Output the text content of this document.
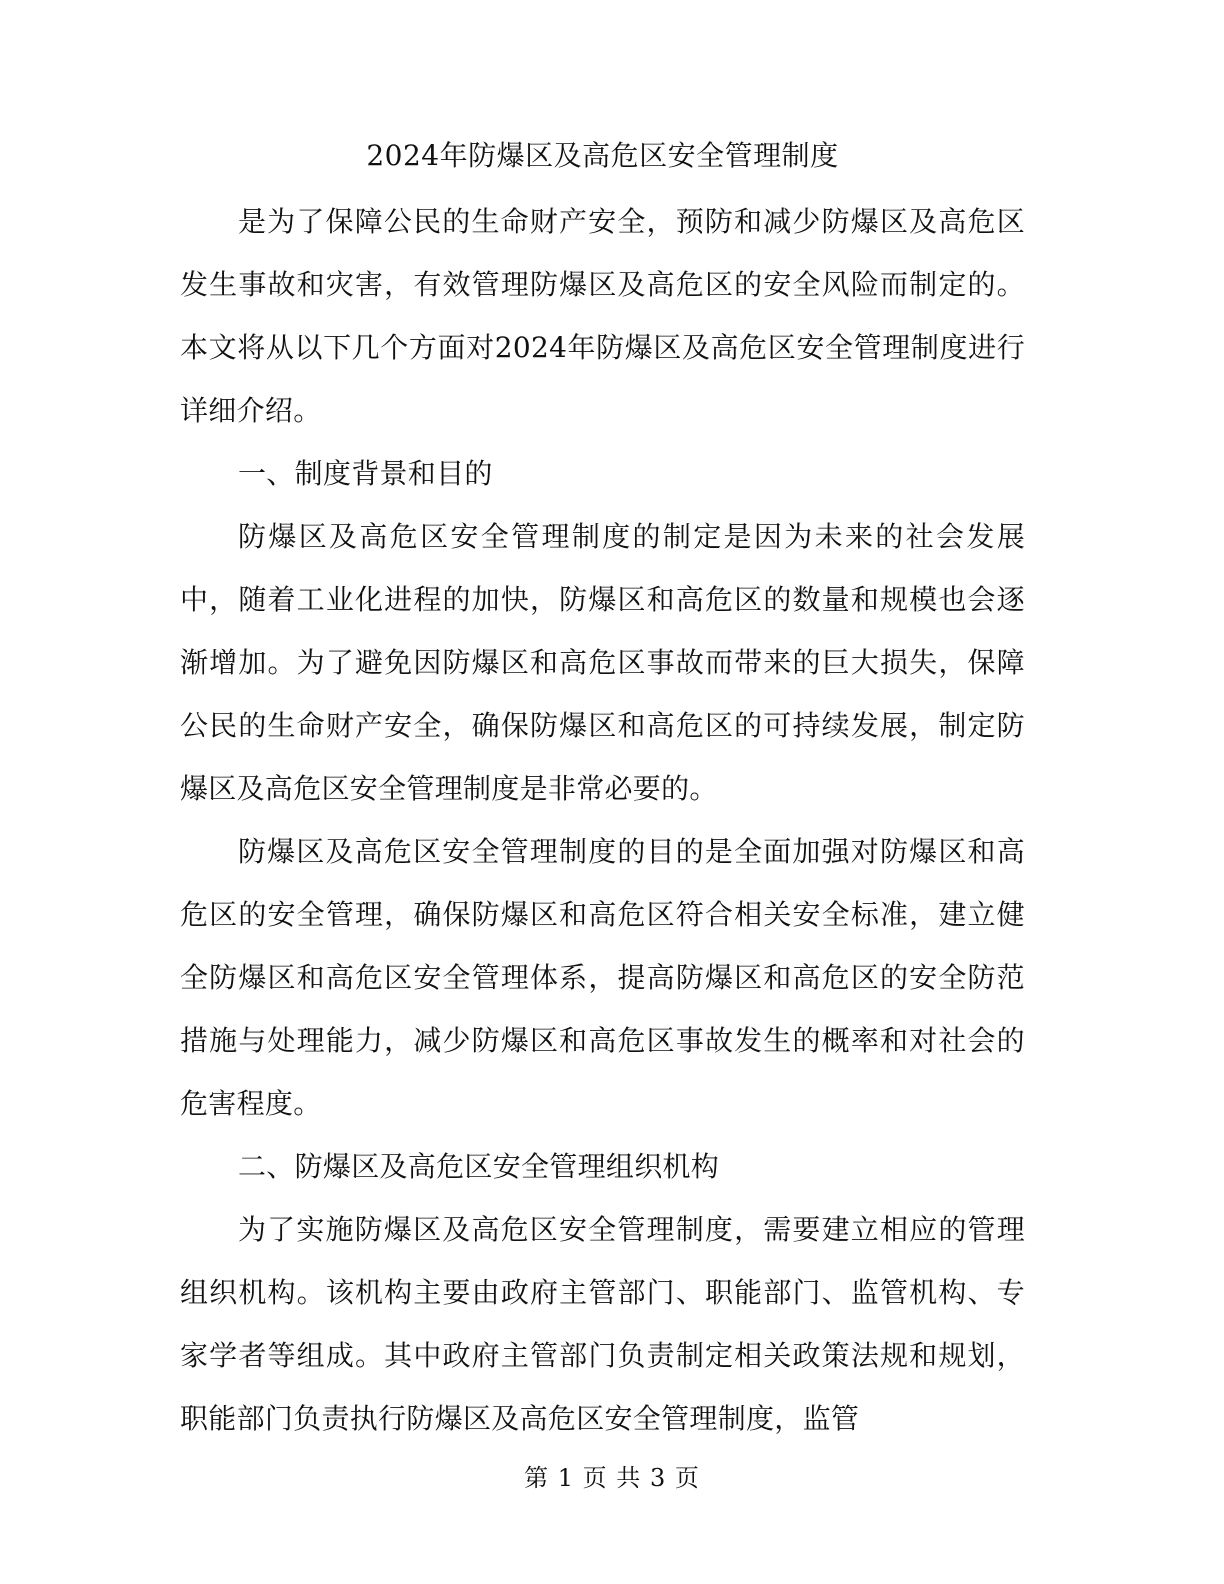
2024年防爆区及高危区安全管理制度

是为了保障公民的生命财产安全，预防和减少防爆区及高危区发生事故和灾害，有效管理防爆区及高危区的安全风险而制定的。本文将从以下几个方面对2024年防爆区及高危区安全管理制度进行详细介绍。

一、制度背景和目的

防爆区及高危区安全管理制度的制定是因为未来的社会发展中，随着工业化进程的加快，防爆区和高危区的数量和规模也会逐渐增加。为了避免因防爆区和高危区事故而带来的巨大损失，保障公民的生命财产安全，确保防爆区和高危区的可持续发展，制定防爆区及高危区安全管理制度是非常必要的。

防爆区及高危区安全管理制度的目的是全面加强对防爆区和高危区的安全管理，确保防爆区和高危区符合相关安全标准，建立健全防爆区和高危区安全管理体系，提高防爆区和高危区的安全防范措施与处理能力，减少防爆区和高危区事故发生的概率和对社会的危害程度。

二、防爆区及高危区安全管理组织机构

为了实施防爆区及高危区安全管理制度，需要建立相应的管理组织机构。该机构主要由政府主管部门、职能部门、监管机构、专家学者等组成。其中政府主管部门负责制定相关政策法规和规划，职能部门负责执行防爆区及高危区安全管理制度，监管

第 1 页 共 3 页
